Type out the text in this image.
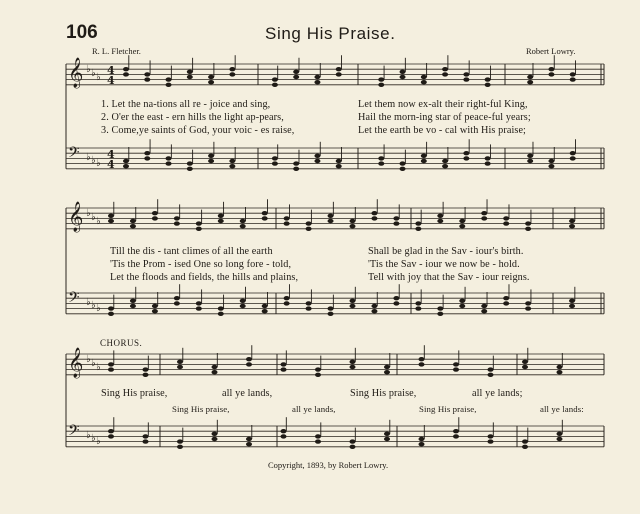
106	Sing His Praise.
R. L. Fletcher.	Robert Lowry.
𝄞 ♭ ♭ ♭
𝄢 ♭ ♭ ♭
𝄞 ♭ ♭ ♭
𝄢 ♭ ♭ ♭
𝄞 ♭ ♭ ♭
𝄢 ♭ ♭ ♭
4
4
4
4
1. Let the na-tions all re - joice and sing,	Let them now ex-alt their right-ful King,
2. O'er the east - ern hills the light ap-pears,	Hail the morn-ing star of peace-ful years;
3. Come,ye saints of God, your voic - es raise,	Let the earth be vo - cal with His praise;
Till the dis - tant climes of all the earth	Shall be glad in the Sav - iour's birth.
'Tis the Prom - ised One so long fore - told,	'Tis the Sav - iour we now be - hold.
Let the floods and fields, the hills and plains,	Tell with joy that the Sav - iour reigns.
CHORUS.
Sing His praise,	all ye lands,	Sing His praise,	all ye lands;
Sing His praise,	all ye lands,	Sing His praise,	all ye lands:
Copyright, 1893, by Robert Lowry.
